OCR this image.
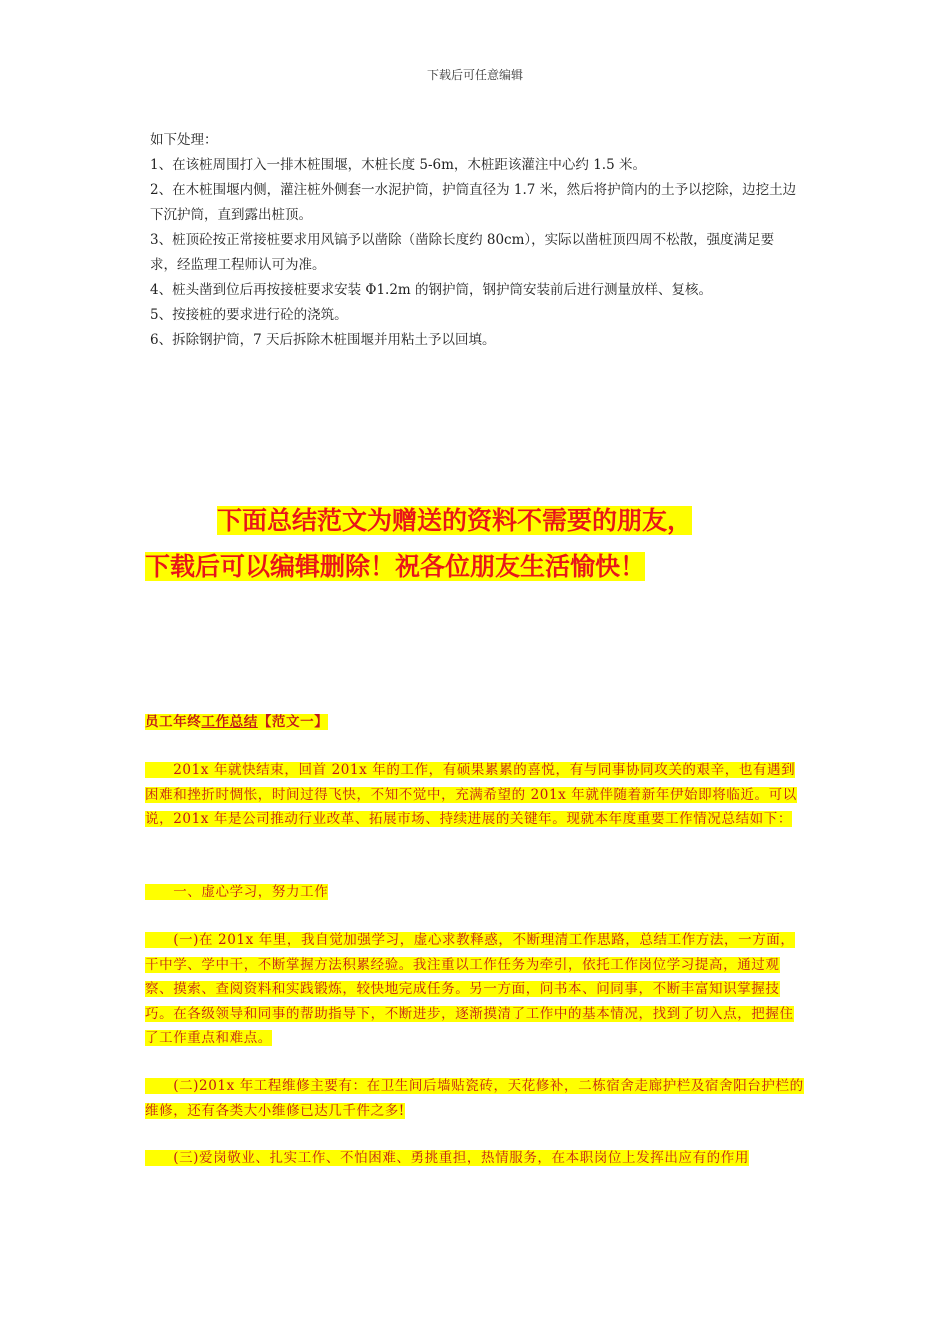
下载后可任意编辑

如下处理：

1、在该桩周围打入一排木桩围堰，木桩长度 5-6m，木桩距该灌注中心约 1.5 米。

2、在木桩围堰内侧，灌注桩外侧套一水泥护筒，护筒直径为 1.7 米，然后将护筒内的土予以挖除，边挖土边下沉护筒，直到露出桩顶。

3、桩顶砼按正常接桩要求用风镐予以凿除（凿除长度约 80cm），实际以凿桩顶四周不松散，强度满足要求，经监理工程师认可为准。

4、桩头凿到位后再按接桩要求安装 Φ1.2m 的钢护筒，钢护筒安装前后进行测量放样、复核。

5、按接桩的要求进行砼的浇筑。

6、拆除钢护筒，7 天后拆除木桩围堰并用粘土予以回填。

下面总结范文为赠送的资料不需要的朋友，
下载后可以编辑删除！祝各位朋友生活愉快！
员工年终工作总结【范文一】
　　201x 年就快结束，回首 201x 年的工作，有硕果累累的喜悦，有与同事协同攻关的艰辛，也有遇到困难和挫折时惆怅，时间过得飞快，不知不觉中，充满希望的 201x 年就伴随着新年伊始即将临近。可以说，201x 年是公司推动行业改革、拓展市场、持续进展的关键年。现就本年度重要工作情况总结如下：
　　一、虚心学习，努力工作
　　(一)在 201x 年里，我自觉加强学习，虚心求教释惑，不断理清工作思路，总结工作方法，一方面，干中学、学中干，不断掌握方法积累经验。我注重以工作任务为牵引，依托工作岗位学习提高，通过观察、摸索、查阅资料和实践锻炼，较快地完成任务。另一方面，问书本、问同事，不断丰富知识掌握技巧。在各级领导和同事的帮助指导下，不断进步，逐渐摸清了工作中的基本情况，找到了切入点，把握住了工作重点和难点。
　　(二)201x 年工程维修主要有：在卫生间后墙贴瓷砖，天花修补，二栋宿舍走廊护栏及宿舍阳台护栏的维修，还有各类大小维修已达几千件之多!
　　(三)爱岗敬业、扎实工作、不怕困难、勇挑重担，热情服务，在本职岗位上发挥出应有的作用
